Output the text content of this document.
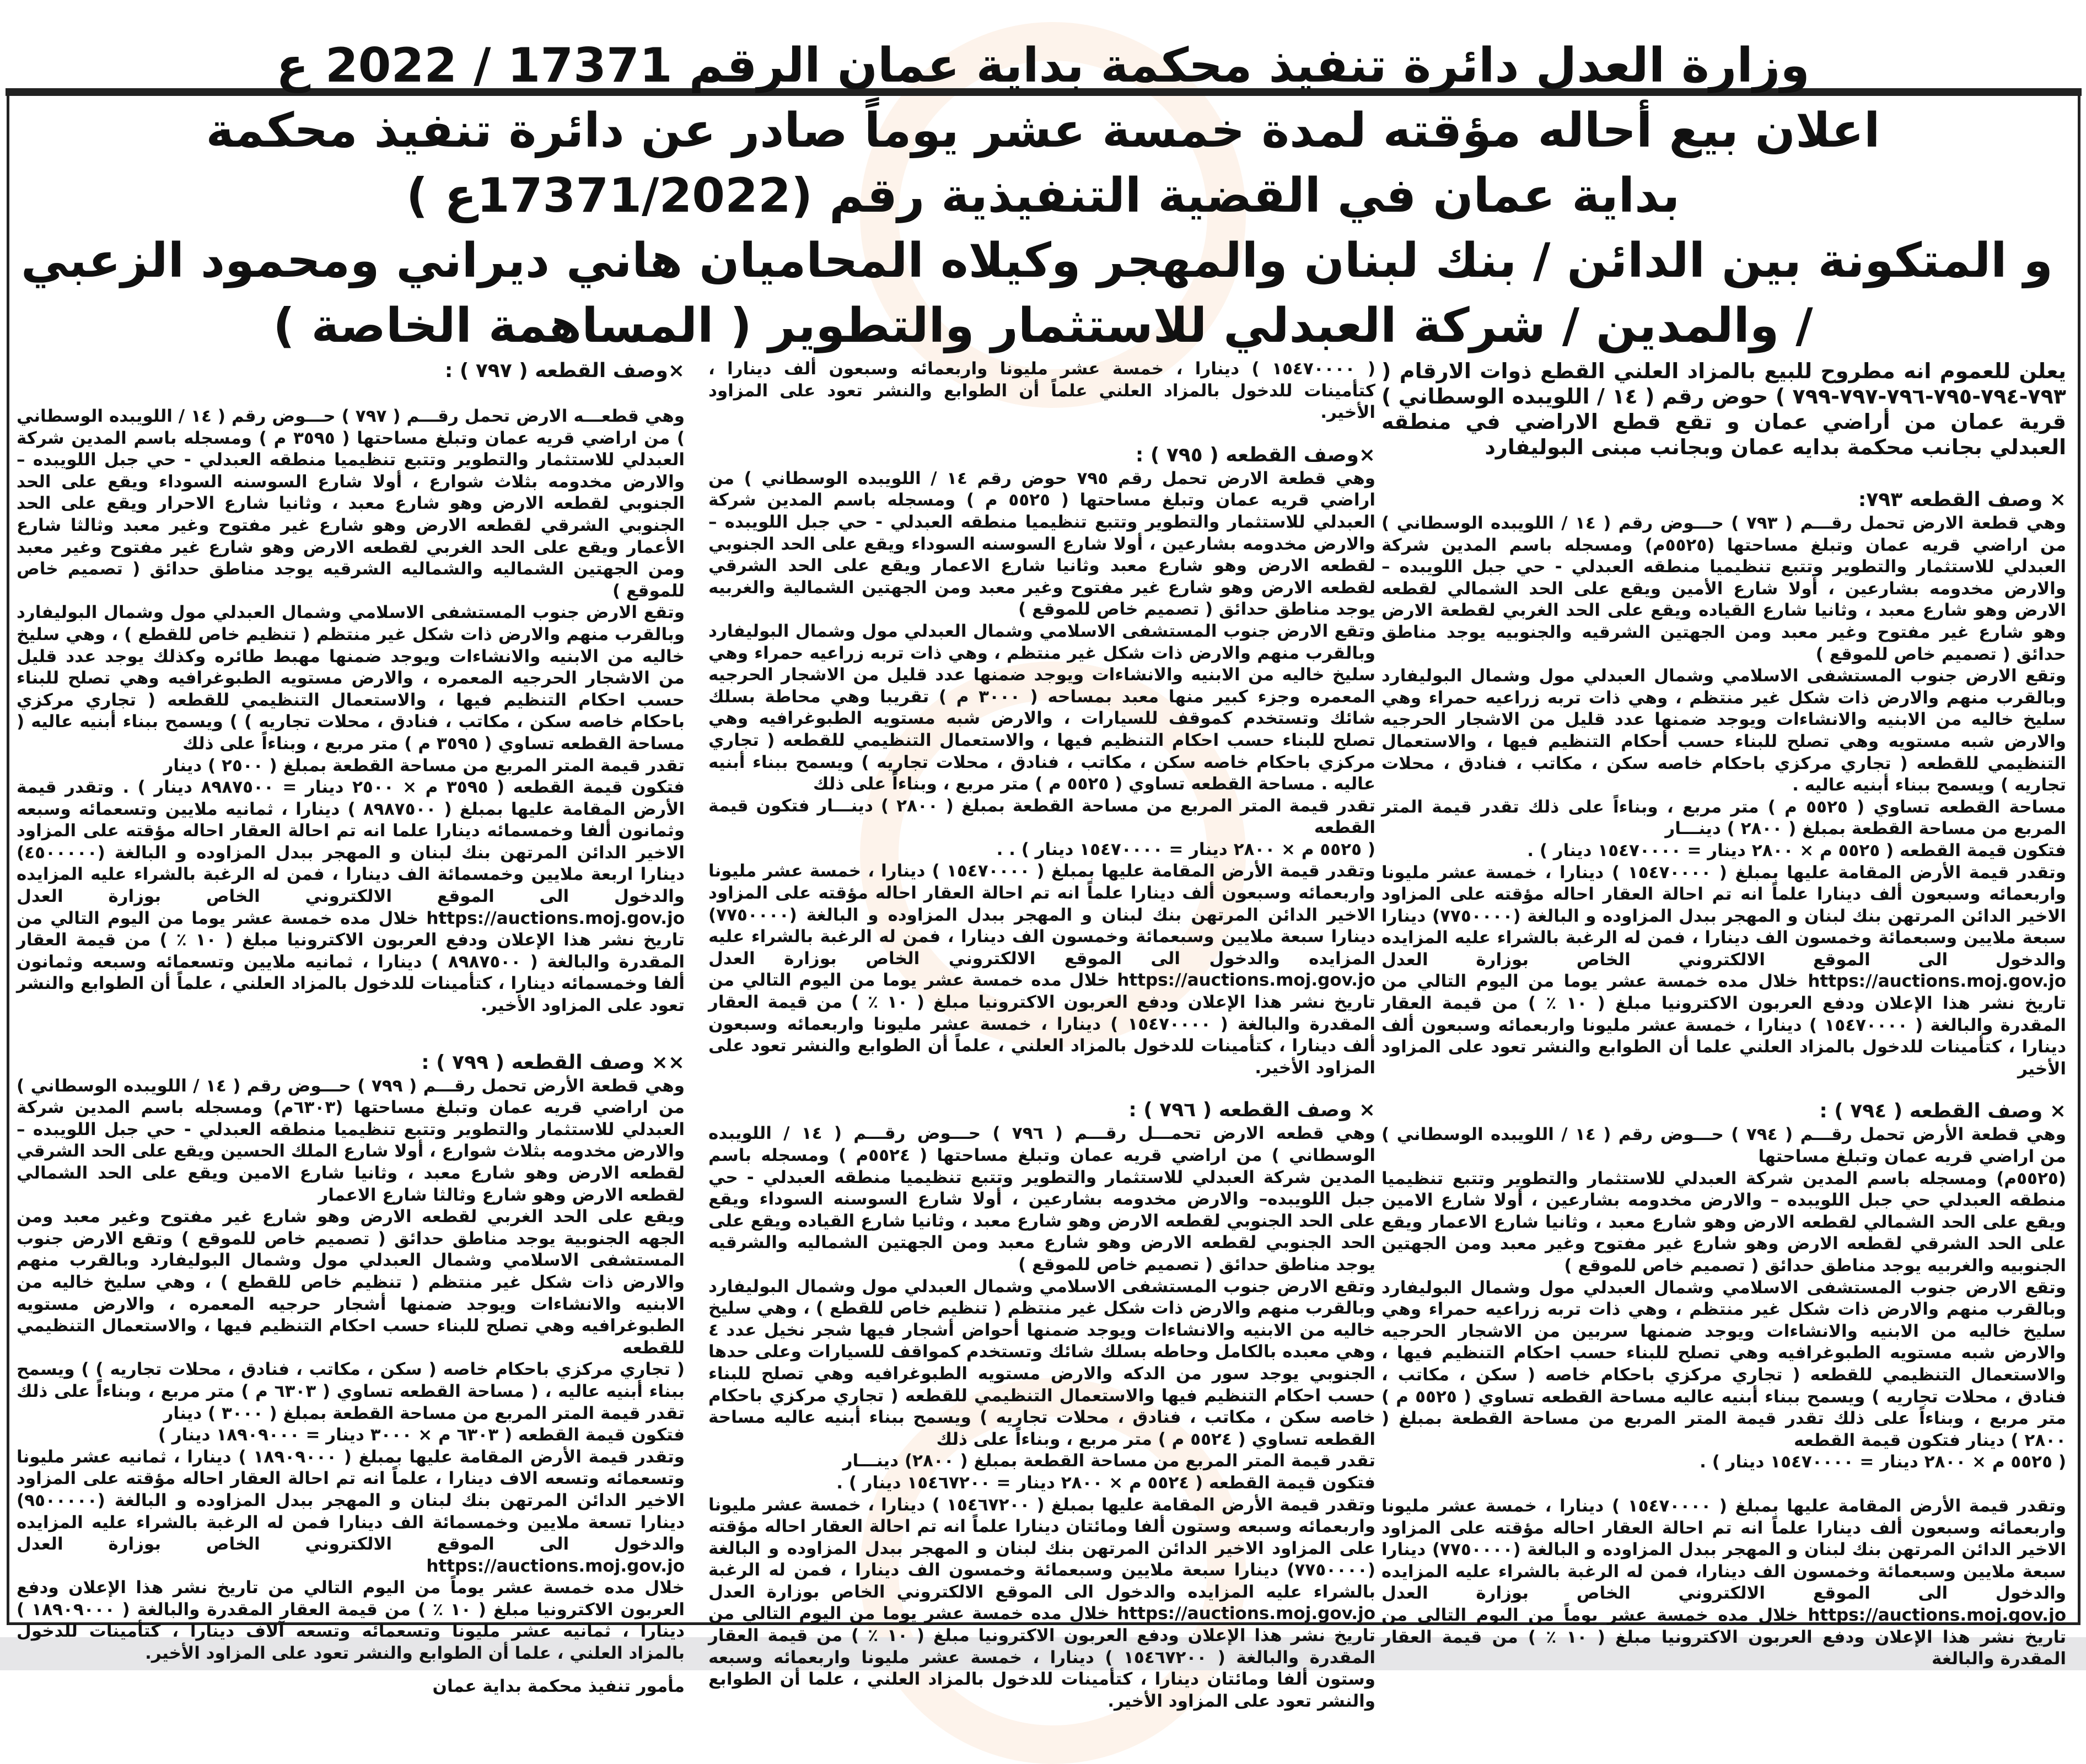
وزارة العدل دائرة تنفيذ محكمة بداية عمان الرقم 17371 / 2022 ع
اعلان بيع أحاله مؤقته لمدة خمسة عشر يوماً صادر عن دائرة تنفيذ محكمة
بداية عمان في القضية التنفيذية رقم (17371/2022ع )
و المتكونة بين الدائن / بنك لبنان والمهجر وكيلاه المحاميان هاني ديراني ومحمود الزعبي
/ والمدين / شركة العبدلي للاستثمار والتطوير ( المساهمة الخاصة )

يعلن للعموم انه مطروح للبيع بالمزاد العلني القطع ذوات الارقام ( ٧٩٣-٧٩٤-٧٩٥-٧٩٦-٧٩٧-٧٩٩ ) حوض رقم ( ١٤ / اللويبده الوسطاني ) قرية عمان من أراضي عمان و تقع قطع الاراضي في منطقه العبدلي بجانب محكمة بدايه عمان وبجانب مبنى البوليفارد

× وصف القطعه ٧٩٣:

وهي قطعة الارض تحمل رقـــم ( ٧٩٣ ) حـــوض رقم ( ١٤ / اللويبده الوسطاني ) من اراضي قريه عمان وتبلغ مساحتها (٥٥٢٥م) ومسجله باسم المدين شركة العبدلي للاستثمار والتطوير وتتبع تنظيميا منطقه العبدلي - حي جبل اللويبده – والارض مخدومه بشارعين ، أولا شارع الأمين ويقع على الحد الشمالي لقطعه الارض وهو شارع معبد ، وثانيا شارع القياده ويقع على الحد الغربي لقطعة الارض وهو شارع غير مفتوح وغير معبد ومن الجهتين الشرقيه والجنوبيه يوجد مناطق حدائق ( تصميم خاص للموقع )

وتقع الارض جنوب المستشفى الاسلامي وشمال العبدلي مول وشمال البوليفارد وبالقرب منهم والارض ذات شكل غير منتظم ، وهي ذات تربه زراعيه حمراء وهي سليخ خاليه من الابنيه والانشاءات ويوجد ضمنها عدد قليل من الاشجار الحرجيه والارض شبه مستويه وهي تصلح للبناء حسب أحكام التنظيم فيها ، والاستعمال التنظيمي للقطعه ( تجاري مركزي باحكام خاصه سكن ، مكاتب ، فنادق ، محلات تجاريه ) ويسمح ببناء أبنيه عاليه .

مساحة القطعه تساوي ( ٥٥٢٥ م ) متر مربع ، وبناءاً على ذلك تقدر قيمة المتر المربع من مساحة القطعة بمبلغ ( ٢٨٠٠ ) دينـــار

فتكون قيمة القطعه ( ٥٥٢٥ م × ٢٨٠٠ دينار = ١٥٤٧٠٠٠٠ دينار ) .

وتقدر قيمة الأرض المقامة عليها بمبلغ ( ١٥٤٧٠٠٠٠ ) دينارا ، خمسة عشر مليونا واربعمائه وسبعون ألف دينارا علماً انه تم احالة العقار احاله مؤقته على المزاود الاخير الدائن المرتهن بنك لبنان و المهجر ببدل المزاوده و البالغة (٧٧٥٠٠٠٠) دينارا سبعة ملايين وسبعمائة وخمسون الف دينارا ، فمن له الرغبة بالشراء عليه المزايده والدخول الى الموقع الالكتروني الخاص بوزارة العدل https://auctions.moj.gov.jo خلال مده خمسة عشر يوما من اليوم التالي من تاريخ نشر هذا الإعلان ودفع العربون الاكترونيا مبلغ ( ١٠ ٪ ) من قيمة العقار المقدرة والبالغة ( ١٥٤٧٠٠٠٠ ) دينارا ، خمسة عشر مليونا واربعمائه وسبعون ألف دينارا ، كتأمينات للدخول بالمزاد العلني علما أن الطوابع والنشر تعود على المزاود الأخير

× وصف القطعه ( ٧٩٤ ) :

وهي قطعة الأرض تحمل رقـــم ( ٧٩٤ ) حـــوض رقم ( ١٤ / اللويبده الوسطاني ) من اراضي قريه عمان وتبلغ مساحتها

(٥٥٢٥م) ومسجله باسم المدين شركة العبدلي للاستثمار والتطوير وتتبع تنظيميا منطقه العبدلي حي جبل اللويبده – والارض مخدومه بشارعين ، أولا شارع الامين ويقع على الحد الشمالي لقطعه الارض وهو شارع معبد ، وثانيا شارع الاعمار ويقع على الحد الشرقي لقطعه الارض وهو شارع غير مفتوح وغير معبد ومن الجهتين الجنوبيه والغربيه يوجد مناطق حدائق ( تصميم خاص للموقع )

وتقع الارض جنوب المستشفى الاسلامي وشمال العبدلي مول وشمال البوليفارد وبالقرب منهم والارض ذات شكل غير منتظم ، وهي ذات تربه زراعيه حمراء وهي سليخ خاليه من الابنيه والانشاءات ويوجد ضمنها سربين من الاشجار الحرجيه والارض شبه مستويه الطبوغرافيه وهي تصلح للبناء حسب احكام التنظيم فيها ، والاستعمال التنظيمي للقطعه ( تجاري مركزي باحكام خاصه ( سكن ، مكاتب ، فنادق ، محلات تجاريه ) ويسمح ببناء أبنيه عاليه مساحة القطعه تساوي ( ٥٥٢٥ م ) متر مربع ، وبناءاً على ذلك تقدر قيمة المتر المربع من مساحة القطعة بمبلغ ( ٢٨٠٠ ) دينار فتكون قيمة القطعه

( ٥٥٢٥ م × ٢٨٠٠ دينار = ١٥٤٧٠٠٠٠ دينار ) .

وتقدر قيمة الأرض المقامة عليها بمبلغ ( ١٥٤٧٠٠٠٠ ) دينارا ، خمسة عشر مليونا واربعمائه وسبعون ألف دينارا علماً انه تم احالة العقار احاله مؤقته على المزاود الاخير الدائن المرتهن بنك لبنان و المهجر ببدل المزاوده و البالغة (٧٧٥٠٠٠٠) دينارا سبعة ملايين وسبعمائة وخمسون الف دينارا، فمن له الرغبة بالشراء عليه المزايده والدخول الى الموقع الالكتروني الخاص بوزارة العدل https://auctions.moj.gov.jo خلال مده خمسة عشر يوماً من اليوم التالي من تاريخ نشر هذا الإعلان ودفع العربون الاكترونيا مبلغ ( ١٠ ٪ ) من قيمة العقار المقدرة والبالغة

( ١٥٤٧٠٠٠٠ ) دينارا ، خمسة عشر مليونا واربعمائه وسبعون ألف دينارا ، كتأمينات للدخول بالمزاد العلني علماً أن الطوابع والنشر تعود على المزاود الأخير.

×وصف القطعه ( ٧٩٥ ) :

وهي قطعة الارض تحمل رقم ٧٩٥ حوض رقم ١٤ / اللويبده الوسطاني ) من اراضي قريه عمان وتبلغ مساحتها ( ٥٥٢٥ م ) ومسجله باسم المدين شركة العبدلي للاستثمار والتطوير وتتبع تنظيميا منطقه العبدلي - حي جبل اللويبده – والارض مخدومه بشارعين ، أولا شارع السوسنه السوداء ويقع على الحد الجنوبي لقطعه الارض وهو شارع معبد وثانيا شارع الاعمار ويقع على الحد الشرقي لقطعه الارض وهو شارع غير مفتوح وغير معبد ومن الجهتين الشمالية والغربيه يوجد مناطق حدائق ( تصميم خاص للموقع )

وتقع الارض جنوب المستشفى الاسلامي وشمال العبدلي مول وشمال البوليفارد وبالقرب منهم والارض ذات شكل غير منتظم ، وهي ذات تربه زراعيه حمراء وهي سليخ خاليه من الابنيه والانشاءات ويوجد ضمنها عدد قليل من الاشجار الحرجيه المعمره وجزء كبير منها معبد بمساحه ( ٣٠٠٠ م ) تقريبا وهي محاطة بسلك شائك وتستخدم كموقف للسيارات ، والارض شبه مستويه الطبوغرافيه وهي تصلح للبناء حسب احكام التنظيم فيها ، والاستعمال التنظيمي للقطعه ( تجاري مركزي باحكام خاصه سكن ، مكاتب ، فنادق ، محلات تجاريه ) ويسمح ببناء أبنيه عاليه . مساحة القطعه تساوي ( ٥٥٢٥ م ) متر مربع ، وبناءاً على ذلك

تقدر قيمة المتر المربع من مساحة القطعة بمبلغ ( ٢٨٠٠ ) دينـــار فتكون قيمة القطعه

( ٥٥٢٥ م × ٢٨٠٠ دينار = ١٥٤٧٠٠٠٠ دينار ) . .

وتقدر قيمة الأرض المقامة عليها بمبلغ ( ١٥٤٧٠٠٠٠ ) دينارا ، خمسة عشر مليونا واربعمائه وسبعون ألف دينارا علماً انه تم احالة العقار احاله مؤقته على المزاود الاخير الدائن المرتهن بنك لبنان و المهجر ببدل المزاوده و البالغة (٧٧٥٠٠٠٠) دينارا سبعة ملايين وسبعمائة وخمسون الف دينارا ، فمن له الرغبة بالشراء عليه المزايده والدخول الى الموقع الالكتروني الخاص بوزارة العدل https://auctions.moj.gov.jo خلال مده خمسة عشر يوما من اليوم التالي من تاريخ نشر هذا الإعلان ودفع العربون الاكترونيا مبلغ ( ١٠ ٪ ) من قيمة العقار المقدرة والبالغة ( ١٥٤٧٠٠٠٠ ) دينارا ، خمسة عشر مليونا واربعمائه وسبعون ألف دينارا ، كتأمينات للدخول بالمزاد العلني ، علماً أن الطوابع والنشر تعود على المزاود الأخير.

× وصف القطعه ( ٧٩٦ ) :

وهي قطعه الارض تحمـــل رقـــم ( ٧٩٦ ) حـــوض رقـــم ( ١٤ / اللويبده الوسطاني ) من اراضي قريه عمان وتبلغ مساحتها ( ٥٥٢٤م ) ومسجله باسم المدين شركة العبدلي للاستثمار والتطوير وتتبع تنظيميا منطقه العبدلي - حي جبل اللويبده– والارض مخدومه بشارعين ، أولا شارع السوسنه السوداء ويقع على الحد الجنوبي لقطعه الارض وهو شارع معبد ، وثانيا شارع القياده ويقع على الحد الجنوبي لقطعه الارض وهو شارع معبد ومن الجهتين الشماليه والشرقيه يوجد مناطق حدائق ( تصميم خاص للموقع )

وتقع الارض جنوب المستشفى الاسلامي وشمال العبدلي مول وشمال البوليفارد وبالقرب منهم والارض ذات شكل غير منتظم ( تنظيم خاص للقطع ) ، وهي سليخ خاليه من الابنيه والانشاءات ويوجد ضمنها أحواض أشجار فيها شجر نخيل عدد ٤ وهي معبده بالكامل وحاطه بسلك شائك وتستخدم كمواقف للسيارات وعلى حدها الجنوبي يوجد سور من الدكه والارض مستويه الطبوغرافيه وهي تصلح للبناء حسب احكام التنظيم فيها والاستعمال التنظيمي للقطعه ( تجاري مركزي باحكام خاصه سكن ، مكاتب ، فنادق ، محلات تجاريه ) ويسمح ببناء أبنيه عاليه مساحة القطعه تساوي ( ٥٥٢٤ م ) متر مربع ، وبناءاً على ذلك

تقدر قيمة المتر المربع من مساحة القطعة بمبلغ ( ٢٨٠٠) دينـــار

فتكون قيمة القطعه ( ٥٥٢٤ م × ٢٨٠٠ دينار = ١٥٤٦٧٢٠٠ دينار ) .

وتقدر قيمة الأرض المقامة عليها بمبلغ ( ١٥٤٦٧٢٠٠ ) دينارا ، خمسة عشر مليونا واربعمائه وسبعه وستون ألفا ومائتان دينارا علماً انه تم احالة العقار احاله مؤقته على المزاود الاخير الدائن المرتهن بنك لبنان و المهجر ببدل المزاوده و البالغة (٧٧٥٠٠٠٠) دينارا سبعة ملايين وسبعمائة وخمسون الف دينارا ، فمن له الرغبة بالشراء عليه المزايده والدخول الى الموقع الالكتروني الخاص بوزارة العدل https://auctions.moj.gov.jo خلال مده خمسة عشر يوما من اليوم التالي من تاريخ نشر هذا الإعلان ودفع العربون الاكترونيا مبلغ ( ١٠ ٪ ) من قيمة العقار المقدرة والبالغة ( ١٥٤٦٧٢٠٠ ) دينارا ، خمسة عشر مليونا واربعمائه وسبعه وستون ألفا ومائتان دينارا ، كتأمينات للدخول بالمزاد العلني ، علما أن الطوابع والنشر تعود على المزاود الأخير.

×وصف القطعه ( ٧٩٧ ) :

وهي قطعـــه الارض تحمل رقـــم ( ٧٩٧ ) حـــوض رقم ( ١٤ / اللويبده الوسطاني ) من اراضي قريه عمان وتبلغ مساحتها ( ٣٥٩٥ م ) ومسجله باسم المدين شركة العبدلي للاستثمار والتطوير وتتبع تنظيميا منطقه العبدلي - حي جبل اللويبده – والارض مخدومه بثلاث شوارع ، أولا شارع السوسنه السوداء ويقع على الحد الجنوبي لقطعه الارض وهو شارع معبد ، وثانيا شارع الاحرار ويقع على الحد الجنوبي الشرقي لقطعه الارض وهو شارع غير مفتوح وغير معبد وثالثا شارع الأعمار ويقع على الحد الغربي لقطعه الارض وهو شارع غير مفتوح وغير معبد ومن الجهتين الشماليه والشماليه الشرقيه يوجد مناطق حدائق ( تصميم خاص للموقع )

وتقع الارض جنوب المستشفى الاسلامي وشمال العبدلي مول وشمال البوليفارد وبالقرب منهم والارض ذات شكل غير منتظم ( تنظيم خاص للقطع ) ، وهي سليخ خاليه من الابنيه والانشاءات ويوجد ضمنها مهبط طائره وكذلك يوجد عدد قليل من الاشجار الحرجيه المعمره ، والارض مستويه الطبوغرافيه وهي تصلح للبناء حسب احكام التنظيم فيها ، والاستعمال التنظيمي للقطعه ( تجاري مركزي باحكام خاصه سكن ، مكاتب ، فنادق ، محلات تجاريه ) ) ويسمح ببناء أبنيه عاليه ( مساحة القطعه تساوي ( ٣٥٩٥ م ) متر مربع ، وبناءاً على ذلك

تقدر قيمة المتر المربع من مساحة القطعة بمبلغ ( ٢٥٠٠ ) دينار

فتكون قيمة القطعه ( ٣٥٩٥ م × ٢٥٠٠ دينار = ٨٩٨٧٥٠٠ دينار ) . وتقدر قيمة الأرض المقامة عليها بمبلغ ( ٨٩٨٧٥٠٠ ) دينارا ، ثمانيه ملايين وتسعمائه وسبعه وثمانون ألفا وخمسمائه دينارا علما انه تم احالة العقار احاله مؤقته على المزاود الاخير الدائن المرتهن بنك لبنان و المهجر ببدل المزاوده و البالغة (٤٥٠٠٠٠٠) دينارا اربعة ملايين وخمسمائة الف دينارا ، فمن له الرغبة بالشراء عليه المزايده والدخول الى الموقع الالكتروني الخاص بوزارة العدل https://auctions.moj.gov.jo خلال مده خمسة عشر يوما من اليوم التالي من تاريخ نشر هذا الإعلان ودفع العربون الاكترونيا مبلغ ( ١٠ ٪ ) من قيمة العقار المقدرة والبالغة ( ٨٩٨٧٥٠٠ ) دينارا ، ثمانيه ملايين وتسعمائه وسبعه وثمانون ألفا وخمسمائه دينارا ، كتأمينات للدخول بالمزاد العلني ، علماً أن الطوابع والنشر تعود على المزاود الأخير.

×× وصف القطعه ( ٧٩٩ ) :

وهي قطعة الأرض تحمل رقـــم ( ٧٩٩ ) حـــوض رقم ( ١٤ / اللويبده الوسطاني ) من اراضي قريه عمان وتبلغ مساحتها (٦٣٠٣م) ومسجله باسم المدين شركة العبدلي للاستثمار والتطوير وتتبع تنظيميا منطقه العبدلي - حي جبل اللويبده – والارض مخدومه بثلاث شوارع ، أولا شارع الملك الحسين ويقع على الحد الشرقي لقطعه الارض وهو شارع معبد ، وثانيا شارع الامين ويقع على الحد الشمالي لقطعه الارض وهو شارع وثالثا شارع الاعمار

ويقع على الحد الغربي لقطعه الارض وهو شارع غير مفتوح وغير معبد ومن الجهه الجنوبية يوجد مناطق حدائق ( تصميم خاص للموقع ) وتقع الارض جنوب المستشفى الاسلامي وشمال العبدلي مول وشمال البوليفارد وبالقرب منهم والارض ذات شكل غير منتظم ( تنظيم خاص للقطع ) ، وهي سليخ خاليه من الابنيه والانشاءات ويوجد ضمنها أشجار حرجيه المعمره ، والارض مستويه الطبوغرافيه وهي تصلح للبناء حسب احكام التنظيم فيها ، والاستعمال التنظيمي للقطعه

( تجاري مركزي باحكام خاصه ( سكن ، مكاتب ، فنادق ، محلات تجاريه ) ) ويسمح ببناء أبنيه عاليه ، ( مساحة القطعه تساوي ( ٦٣٠٣ م ) متر مربع ، وبناءاً على ذلك تقدر قيمة المتر المربع من مساحة القطعة بمبلغ ( ٣٠٠٠ ) دينار

فتكون قيمة القطعه ( ٦٣٠٣ م × ٣٠٠٠ دينار = ١٨٩٠٩٠٠٠ دينار )

وتقدر قيمة الأرض المقامة عليها بمبلغ ( ١٨٩٠٩٠٠٠ ) دينارا ، ثمانيه عشر مليونا وتسعمائه وتسعه الاف دينارا ، علماً انه تم احالة العقار احاله مؤقته على المزاود الاخير الدائن المرتهن بنك لبنان و المهجر ببدل المزاوده و البالغة (٩٥٠٠٠٠٠) دينارا تسعة ملايين وخمسمائة الف دينارا فمن له الرغبة بالشراء عليه المزايده والدخول الى الموقع الالكتروني الخاص بوزارة العدل https://auctions.moj.gov.jo

خلال مده خمسة عشر يوماً من اليوم التالي من تاريخ نشر هذا الإعلان ودفع العربون الاكترونيا مبلغ ( ١٠ ٪ ) من قيمة العقار المقدرة والبالغة ( ١٨٩٠٩٠٠٠ ) دينارا ، ثمانيه عشر مليونا وتسعمائه وتسعه آلاف دينارا ، كتأمينات للدخول بالمزاد العلني ، علما أن الطوابع والنشر تعود على المزاود الأخير.

مأمور تنفيذ محكمة بداية عمان
